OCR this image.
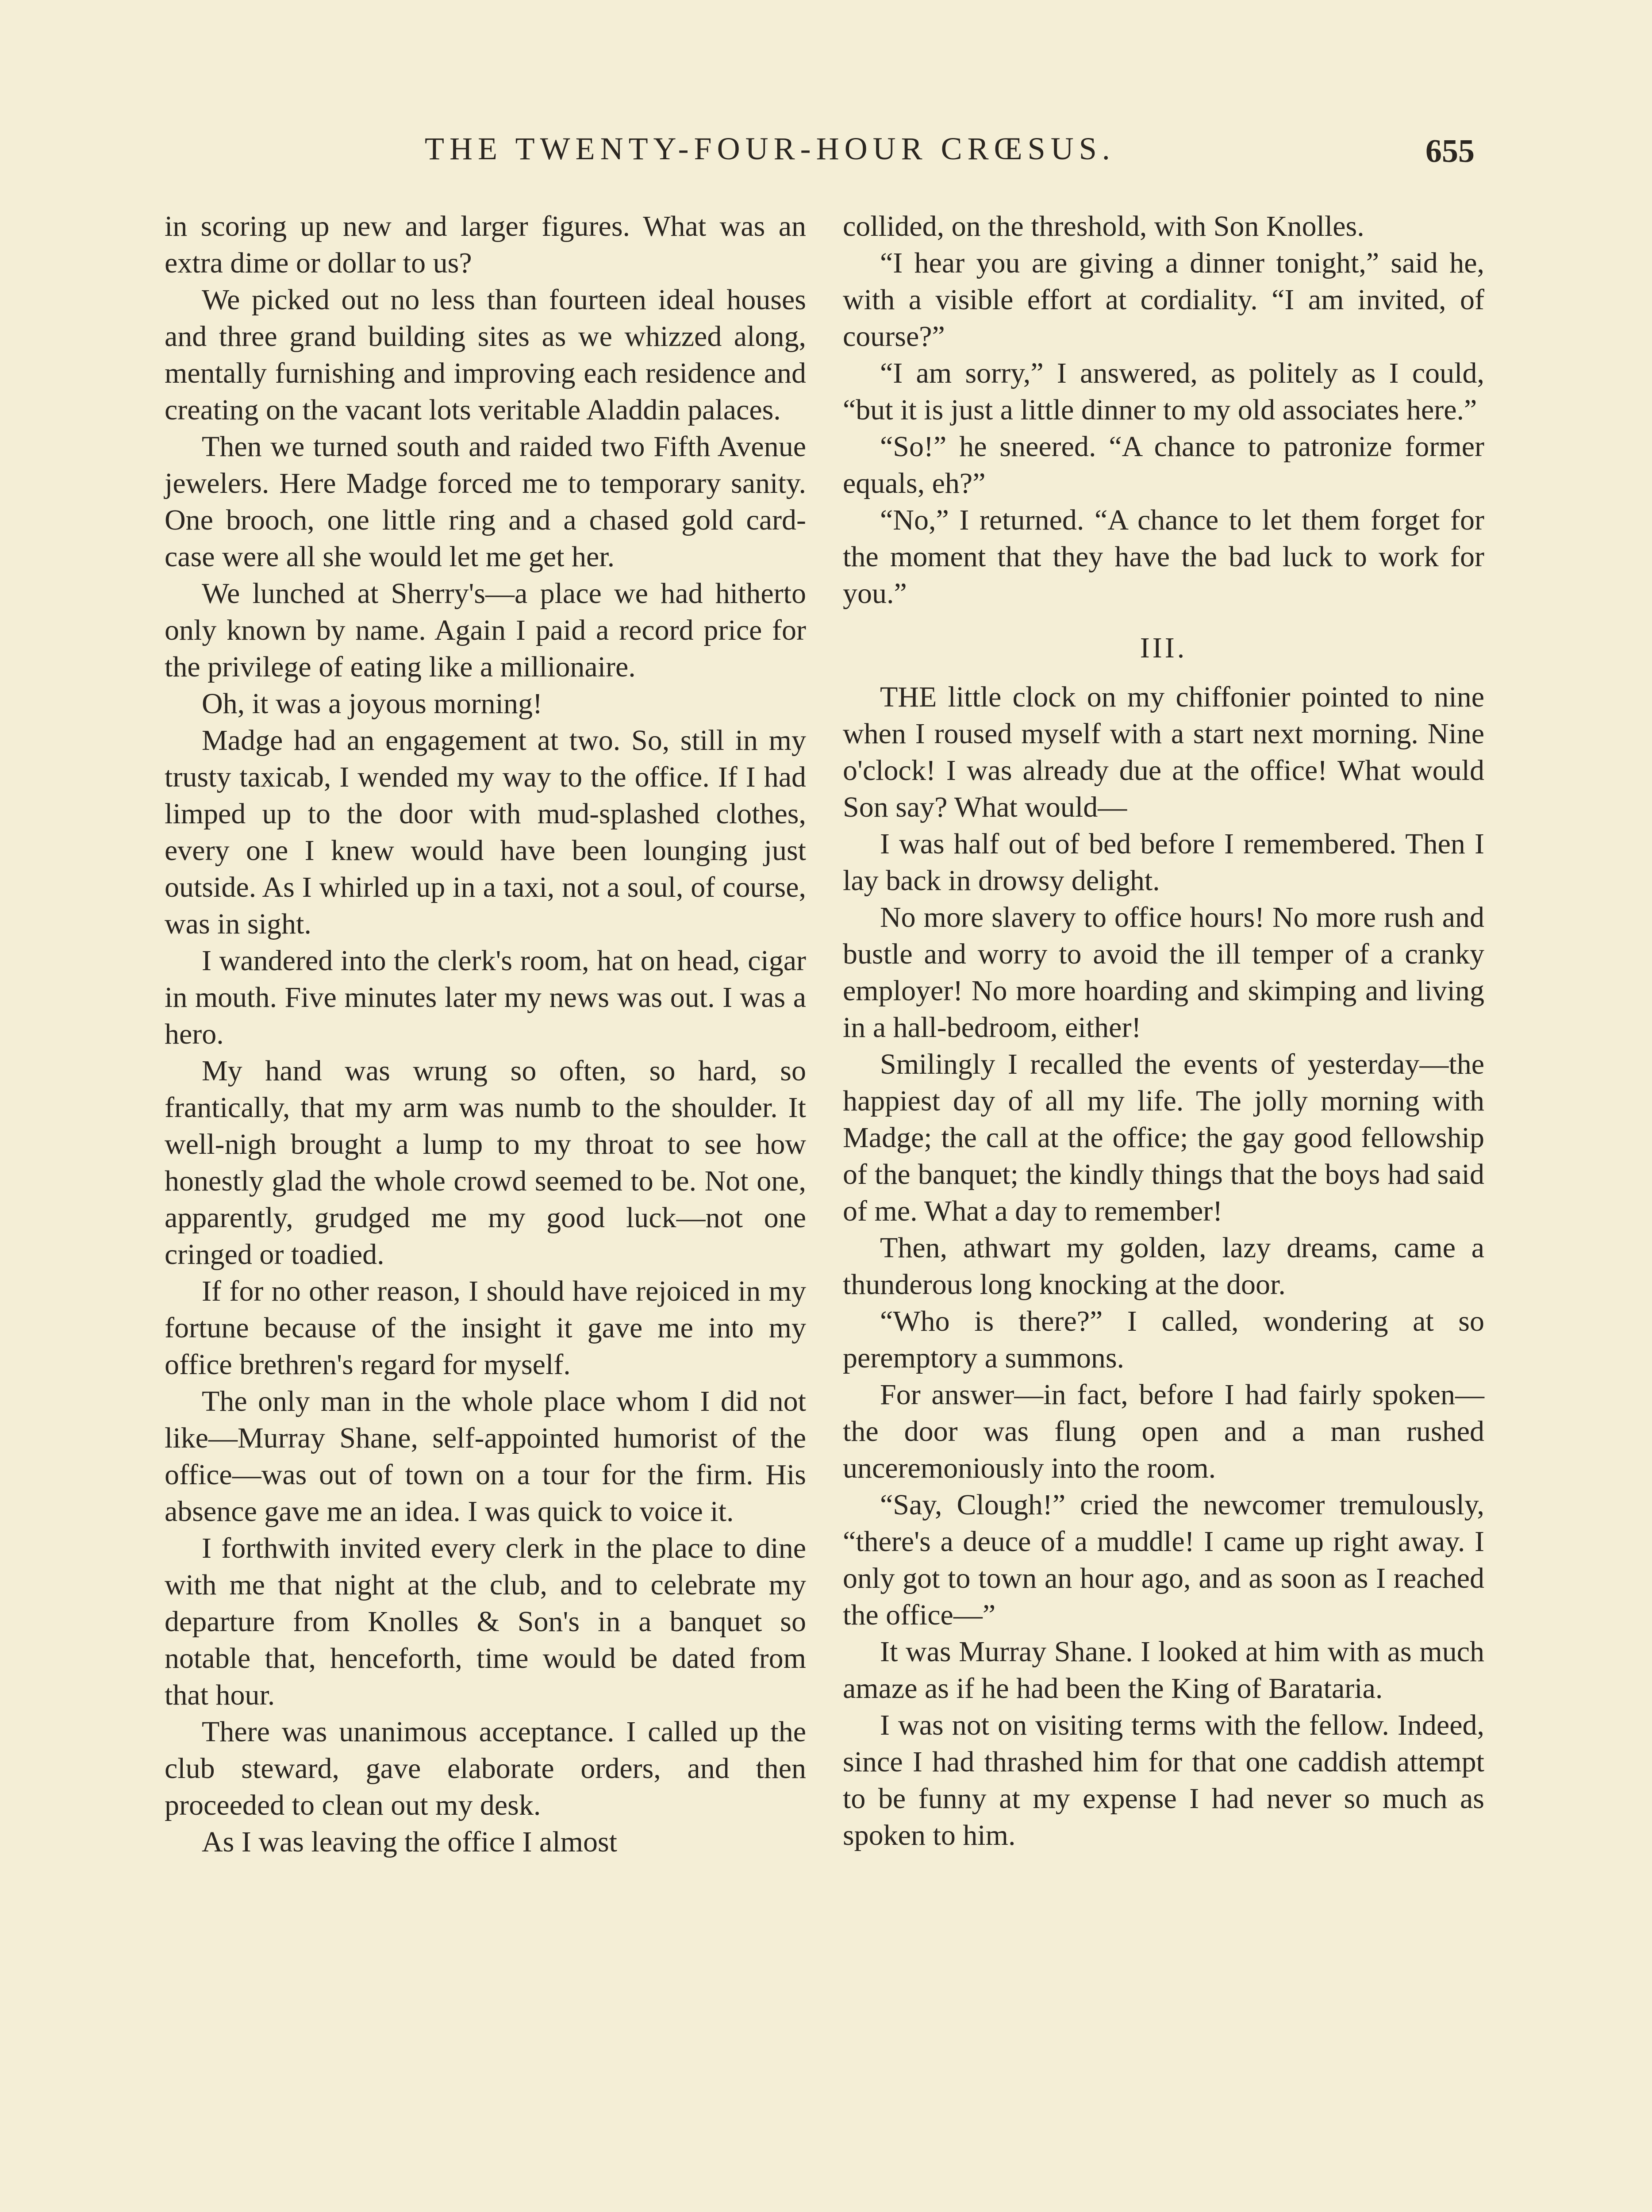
THE TWENTY-FOUR-HOUR CRŒSUS.	655

in scoring up new and larger figures. What was an extra dime or dollar to us?

We picked out no less than fourteen ideal houses and three grand building sites as we whizzed along, mentally furnishing and improving each residence and creating on the vacant lots veritable Aladdin palaces.

Then we turned south and raided two Fifth Avenue jewelers. Here Madge forced me to temporary sanity. One brooch, one little ring and a chased gold card-case were all she would let me get her.

We lunched at Sherry's—a place we had hitherto only known by name. Again I paid a record price for the privilege of eating like a millionaire.

Oh, it was a joyous morning!

Madge had an engagement at two. So, still in my trusty taxicab, I wended my way to the office. If I had limped up to the door with mud-splashed clothes, every one I knew would have been lounging just outside. As I whirled up in a taxi, not a soul, of course, was in sight.

I wandered into the clerk's room, hat on head, cigar in mouth. Five minutes later my news was out. I was a hero.

My hand was wrung so often, so hard, so frantically, that my arm was numb to the shoulder. It well-nigh brought a lump to my throat to see how honestly glad the whole crowd seemed to be. Not one, apparently, grudged me my good luck—not one cringed or toadied.

If for no other reason, I should have rejoiced in my fortune because of the insight it gave me into my office brethren's regard for myself.

The only man in the whole place whom I did not like—Murray Shane, self-appointed humorist of the office—was out of town on a tour for the firm. His absence gave me an idea. I was quick to voice it.

I forthwith invited every clerk in the place to dine with me that night at the club, and to celebrate my departure from Knolles & Son's in a banquet so notable that, henceforth, time would be dated from that hour.

There was unanimous acceptance. I called up the club steward, gave elaborate orders, and then proceeded to clean out my desk.

As I was leaving the office I almost

collided, on the threshold, with Son Knolles.

“I hear you are giving a dinner tonight,” said he, with a visible effort at cordiality. “I am invited, of course?”

“I am sorry,” I answered, as politely as I could, “but it is just a little dinner to my old associates here.”

“So!” he sneered. “A chance to patronize former equals, eh?”

“No,” I returned. “A chance to let them forget for the moment that they have the bad luck to work for you.”

III.

THE little clock on my chiffonier pointed to nine when I roused myself with a start next morning. Nine o'clock! I was already due at the office! What would Son say? What would—

I was half out of bed before I remembered. Then I lay back in drowsy delight.

No more slavery to office hours! No more rush and bustle and worry to avoid the ill temper of a cranky employer! No more hoarding and skimping and living in a hall-bedroom, either!

Smilingly I recalled the events of yesterday—the happiest day of all my life. The jolly morning with Madge; the call at the office; the gay good fellowship of the banquet; the kindly things that the boys had said of me. What a day to remember!

Then, athwart my golden, lazy dreams, came a thunderous long knocking at the door.

“Who is there?” I called, wondering at so peremptory a summons.

For answer—in fact, before I had fairly spoken—the door was flung open and a man rushed unceremoniously into the room.

“Say, Clough!” cried the newcomer tremulously, “there's a deuce of a muddle! I came up right away. I only got to town an hour ago, and as soon as I reached the office—”

It was Murray Shane. I looked at him with as much amaze as if he had been the King of Barataria.

I was not on visiting terms with the fellow. Indeed, since I had thrashed him for that one caddish attempt to be funny at my expense I had never so much as spoken to him.
